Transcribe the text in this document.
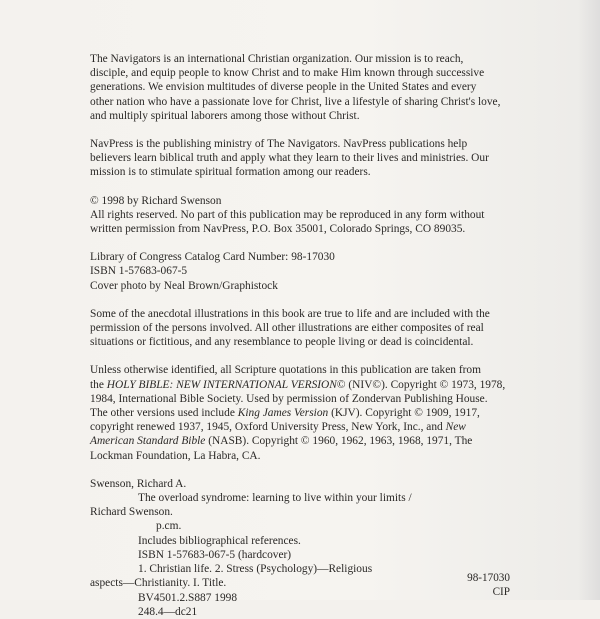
The Navigators is an international Christian organization. Our mission is to reach,
disciple, and equip people to know Christ and to make Him known through successive
generations. We envision multitudes of diverse people in the United States and every
other nation who have a passionate love for Christ, live a lifestyle of sharing Christ's love,
and multiply spiritual laborers among those without Christ.

NavPress is the publishing ministry of The Navigators. NavPress publications help
believers learn biblical truth and apply what they learn to their lives and ministries. Our
mission is to stimulate spiritual formation among our readers.

© 1998 by Richard Swenson
All rights reserved. No part of this publication may be reproduced in any form without
written permission from NavPress, P.O. Box 35001, Colorado Springs, CO 89035.

Library of Congress Catalog Card Number: 98-17030
ISBN 1-57683-067-5
Cover photo by Neal Brown/Graphistock

Some of the anecdotal illustrations in this book are true to life and are included with the
permission of the persons involved. All other illustrations are either composites of real
situations or fictitious, and any resemblance to people living or dead is coincidental.

Unless otherwise identified, all Scripture quotations in this publication are taken from
the HOLY BIBLE: NEW INTERNATIONAL VERSION© (NIV©). Copyright © 1973, 1978,
1984, International Bible Society. Used by permission of Zondervan Publishing House.
The other versions used include King James Version (KJV). Copyright © 1909, 1917,
copyright renewed 1937, 1945, Oxford University Press, New York, Inc., and New
American Standard Bible (NASB). Copyright © 1960, 1962, 1963, 1968, 1971, The
Lockman Foundation, La Habra, CA.

Swenson, Richard A.
The overload syndrome: learning to live within your limits /
Richard Swenson.
p.cm.
Includes bibliographical references.
ISBN 1-57683-067-5 (hardcover)
1. Christian life. 2. Stress (Psychology)—Religious
aspects—Christianity. I. Title.
BV4501.2.S887 1998
248.4—dc21
98-17030
CIP
